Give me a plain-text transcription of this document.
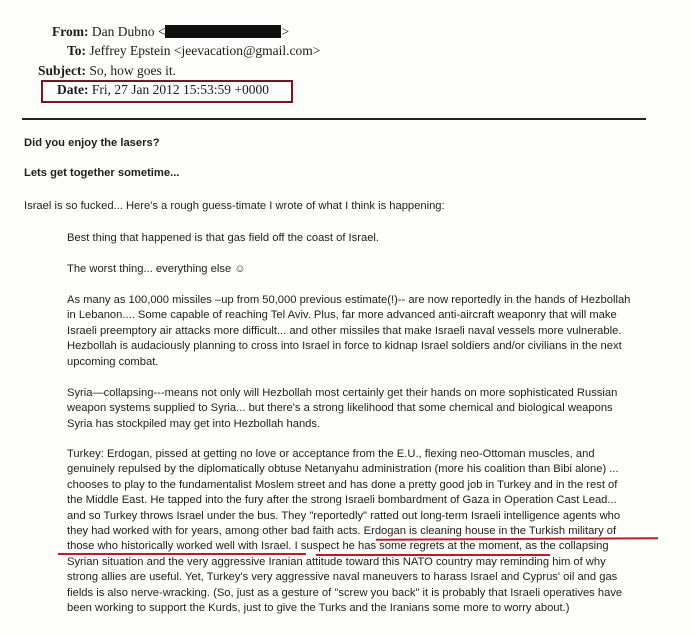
From: Dan Dubno <	>
To: Jeffrey Epstein <jeevacation@gmail.com>
Subject: So, how goes it.
Date: Fri, 27 Jan 2012 15:53:59 +0000
Did you enjoy the lasers?
Lets get together sometime...
Israel is so fucked... Here's a rough guess-timate I wrote of what I think is happening:
Best thing that happened is that gas field off the coast of Israel.
The worst thing... everything else ☺
As many as 100,000 missiles –up from 50,000 previous estimate(!)-- are now reportedly in the hands of Hezbollah
in Lebanon.... Some capable of reaching Tel Aviv. Plus, far more advanced anti-aircraft weaponry that will make
Israeli preemptory air attacks more difficult... and other missiles that make Israeli naval vessels more vulnerable.
Hezbollah is audaciously planning to cross into Israel in force to kidnap Israel soldiers and/or civilians in the next
upcoming combat.
Syria—collapsing---means not only will Hezbollah most certainly get their hands on more sophisticated Russian
weapon systems supplied to Syria... but there's a strong likelihood that some chemical and biological weapons
Syria has stockpiled may get into Hezbollah hands.
Turkey: Erdogan, pissed at getting no love or acceptance from the E.U., flexing neo-Ottoman muscles, and
genuinely repulsed by the diplomatically obtuse Netanyahu administration (more his coalition than Bibi alone) ...
chooses to play to the fundamentalist Moslem street and has done a pretty good job in Turkey and in the rest of
the Middle East. He tapped into the fury after the strong Israeli bombardment of Gaza in Operation Cast Lead...
and so Turkey throws Israel under the bus. They "reportedly" ratted out long-term Israeli intelligence agents who
they had worked with for years, among other bad faith acts. Erdogan is cleaning house in the Turkish military of
those who historically worked well with Israel. I suspect he has some regrets at the moment, as the collapsing
Syrian situation and the very aggressive Iranian attitude toward this NATO country may reminding him of why
strong allies are useful. Yet, Turkey's very aggressive naval maneuvers to harass Israel and Cyprus' oil and gas
fields is also nerve-wracking. (So, just as a gesture of "screw you back" it is probably that Israeli operatives have
been working to support the Kurds, just to give the Turks and the Iranians some more to worry about.)
